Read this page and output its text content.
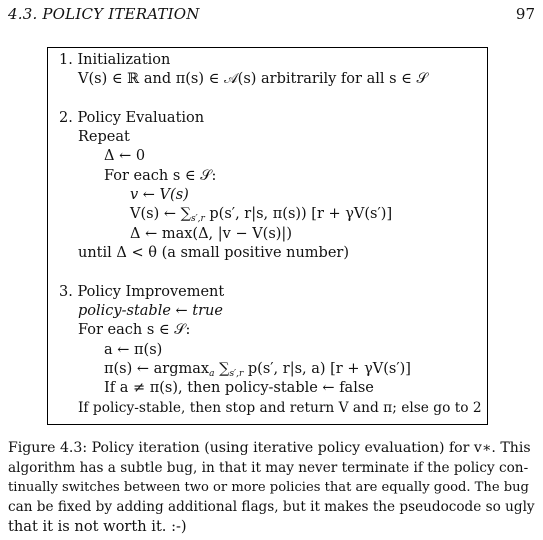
4.3. POLICY ITERATION	97
1. Initialization
V(s) ∈ ℝ and π(s) ∈ 𝒜(s) arbitrarily for all s ∈ 𝒮
2. Policy Evaluation
Repeat
Δ ← 0
For each s ∈ 𝒮:
v ← V(s)
V(s) ← $\sum_{s',r}$ p(s′, r|s, π(s)) [r + γV(s′)]
Δ ← max(Δ, |v − V(s)|)
until Δ < θ (a small positive number)
3. Policy Improvement
policy-stable ← true
For each s ∈ 𝒮:
a ← π(s)
π(s) ← argmax$_a$ $\sum_{s',r}$ p(s′, r|s, a) [r + γV(s′)]
If a ≠ π(s), then policy-stable ← false
If policy-stable, then stop and return V and π; else go to 2
Figure 4.3: Policy iteration (using iterative policy evaluation) for v∗. This
algorithm has a subtle bug, in that it may never terminate if the policy con-
tinually switches between two or more policies that are equally good. The bug
can be fixed by adding additional flags, but it makes the pseudocode so ugly
that it is not worth it. :-)
